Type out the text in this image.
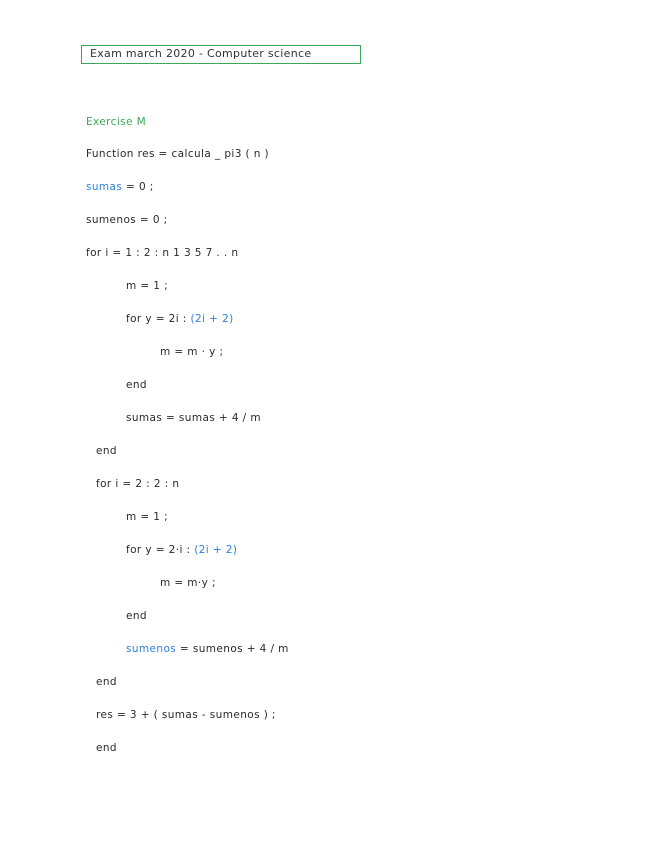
Exam march 2020 - Computer science
Exercise M
Function res = calcula _ pi3 ( n )
sumas = 0 ;
sumenos = 0 ;
for i = 1 : 2 : n 1 3 5 7 . . n
m = 1 ;
for y = 2i : (2i + 2)
m = m · y ;
end
sumas = sumas + 4 / m
end
for i = 2 : 2 : n
m = 1 ;
for y = 2·i : (2i + 2)
m = m·y ;
end
sumenos = sumenos + 4 / m
end
res = 3 + ( sumas - sumenos ) ;
end
